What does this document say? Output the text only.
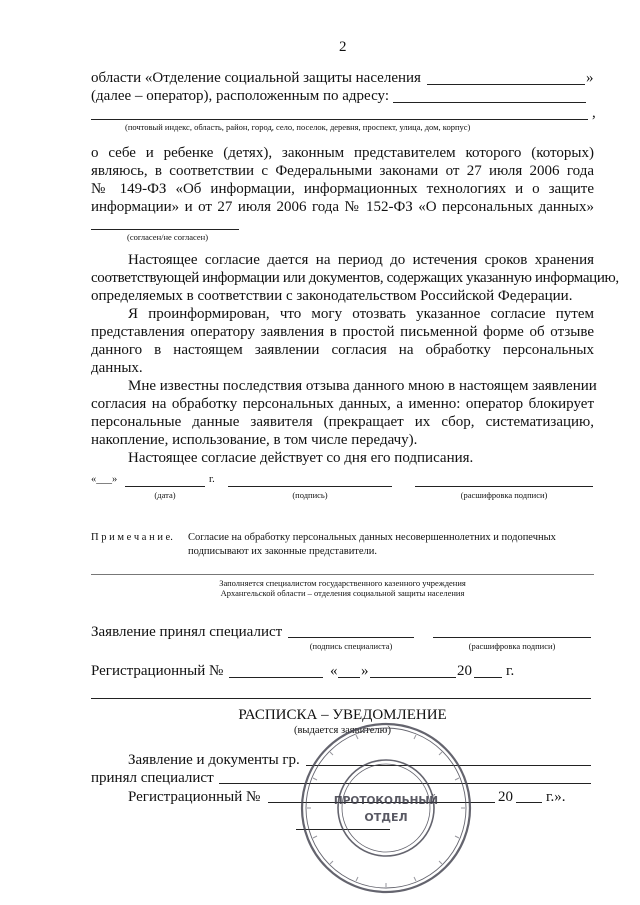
2
области «Отделение социальной защиты населения	»
(далее – оператор), расположенным по адресу:
,
(почтовый индекс, область, район, город, село, поселок, деревня, проспект, улица, дом, корпус)
о себе и ребенке (детях), законным представителем которого (которых)
являюсь, в соответствии с Федеральными законами от 27 июля 2006 года
№ 149-ФЗ «Об информации, информационных технологиях и о защите
информации» и от 27 июля 2006 года № 152-ФЗ «О персональных данных»
(согласен/не согласен)
Настоящее согласие дается на период до истечения сроков хранения
соответствующей информации или документов, содержащих указанную информацию,
определяемых в соответствии с законодательством Российской Федерации.
Я проинформирован, что могу отозвать указанное согласие путем
представления оператору заявления в простой письменной форме об отзыве
данного в настоящем заявлении согласия на обработку персональных
данных.
Мне известны последствия отзыва данного мною в настоящем заявлении
согласия на обработку персональных данных, а именно: оператор блокирует
персональные данные заявителя (прекращает их сбор, систематизацию,
накопление, использование, в том числе передачу).
Настоящее согласие действует со дня его подписания.
«___»	г.
(дата)	(подпись)	(расшифровка подписи)
П р и м е ч а н и е. Согласие на обработку персональных данных несовершеннолетних и подопечных
подписывают их законные представители.
Заполняется специалистом государственного казенного учреждения
Архангельской области – отделения социальной защиты населения
Заявление принял специалист
(подпись специалиста)	(расшифровка подписи)
Регистрационный №	« »	20 г.
РАСПИСКА – УВЕДОМЛЕНИЕ
(выдается заявителю)
Заявление и документы гр.
принял специалист
Регистрационный №	20 г.».
ПРОТОКОЛЬНЫЙ
ОТДЕЛ
